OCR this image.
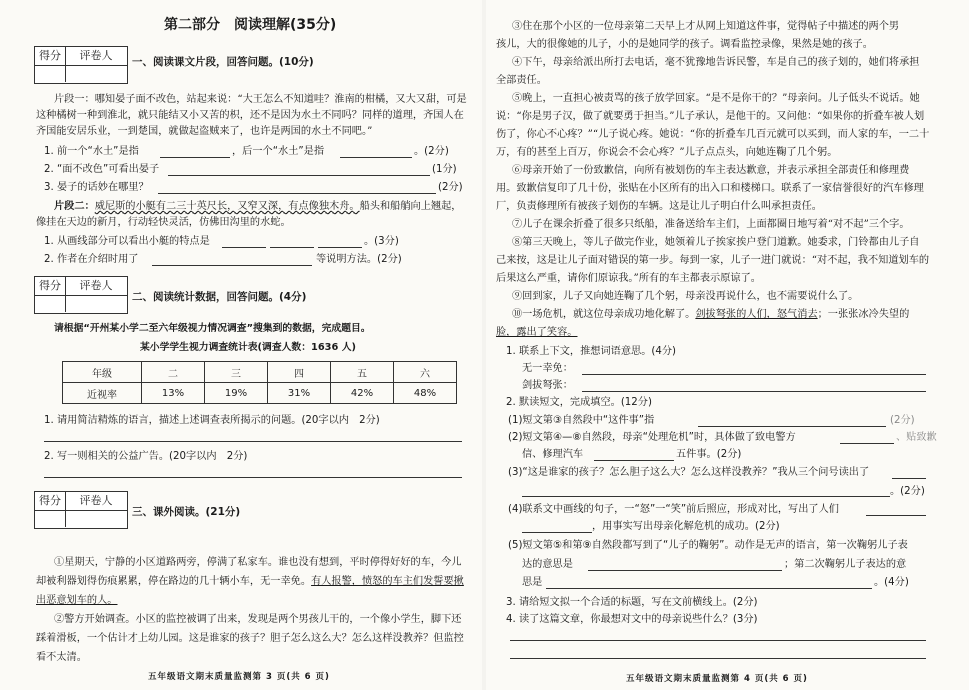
第二部分　阅读理解(35分)
得分	评卷人	一、阅读课文片段，回答问题。(10分)
片段一：哪知晏子面不改色，站起来说：“大王怎么不知道哇？淮南的柑橘，又大又甜，可是
这种橘树一种到淮北，就只能结又小又苦的枳，还不是因为水土不同吗？同样的道理，齐国人在
齐国能安居乐业，一到楚国，就做起盗贼来了，也许是两国的水土不同吧。”
1. 前一个“水土”是指	，后一个“水土”是指	。(2分)
2. “面不改色”可看出晏子	(1分)
3. 晏子的话妙在哪里？	(2分)
片段二：威尼斯的小艇有二三十英尺长，又窄又深，有点像独木舟。船头和船艄向上翘起，
像挂在天边的新月，行动轻快灵活，仿佛田沟里的水蛇。
1. 从画线部分可以看出小艇的特点是	。(3分)
2. 作者在介绍时用了	等说明方法。(2分)
得分	评卷人
二、阅读统计数据，回答问题。(4分)
请根据“开州某小学二至六年级视力情况调查”搜集到的数据，完成题目。
某小学学生视力调查统计表(调查人数：1636 人)
年级	二	三	四	五	六
近视率	13%	19%	31%	42%	48%
1. 请用简洁精炼的语言，描述上述调查表所揭示的问题。(20字以内　2分)
2. 写一则相关的公益广告。(20字以内　2分)
得分	评卷人
三、课外阅读。(21分)
①星期天，宁静的小区道路两旁，停满了私家车。谁也没有想到，平时停得好好的车，今儿
却被利器划得伤痕累累，停在路边的几十辆小车，无一幸免。有人报警，愤怒的车主们发誓要揪
出恶意划车的人。
②警方开始调查。小区的监控被调了出来，发现是两个男孩儿干的，一个像小学生，脚下还
踩着滑板，一个估计才上幼儿园。这是谁家的孩子？胆子怎么这么大？怎么这样没教养？但监控
看不太清。
五年级语文期末质量监测第 3 页(共 6 页)
③住在那个小区的一位母亲第二天早上才从网上知道这件事，觉得帖子中描述的两个男
孩儿，大的很像她的儿子，小的是她同学的孩子。调看监控录像，果然是她的孩子。
④下午，母亲给派出所打去电话，毫不犹豫地告诉民警，车是自己的孩子划的，她们将承担
全部责任。
⑤晚上，一直担心被责骂的孩子放学回家。“是不是你干的？”母亲问。儿子低头不说话。她
说：“你是男子汉，做了就要勇于担当。”儿子承认，是他干的。又问他：“如果你的折叠车被人划
伤了，你心不心疼？”“儿子说心疼。她说：“你的折叠车几百元就可以买到，而人家的车，一二十
万，有的甚至上百万，你说会不会心疼？”儿子点点头，向她连鞠了几个躬。
⑥母亲开始了一份致歉信，向所有被划伤的车主表达歉意，并表示承担全部责任和修理费
用。致歉信复印了几十份，张贴在小区所有的出入口和楼梯口。联系了一家信誉很好的汽车修理
厂，负责修理所有被孩子划伤的车辆。这是让儿子明白什么叫承担责任。
⑦儿子在课余折叠了很多只纸船，准备送给车主们，上面都圈日地写着“对不起”三个字。
⑧第三天晚上，等儿子做完作业，她领着儿子挨家挨户登门道歉。她委求，门铃都由儿子自
己来按，这是让儿子面对错误的第一步。每到一家，儿子一进门就说：“对不起，我不知道划车的
后果这么严重，请你们原谅我。”所有的车主都表示原谅了。
⑨回到家，儿子又向她连鞠了几个躬，母亲没再说什么，也不需要说什么了。
⑩一场危机，就这位母亲成功地化解了。剑拔弩张的人们，怒气消去；一张张冰冷失望的
脸，露出了笑容。
1. 联系上下文，推想词语意思。(4分)
无一幸免：
剑拔弩张：
2. 默读短文，完成填空。(12分)
(1)短文第③自然段中“这件事”指	(2分)
(2)短文第④—⑧自然段，母亲“处理危机”时，具体做了致电警方	、贴致歉
信、修理汽车	五件事。(2分)
(3)“这是谁家的孩子？怎么胆子这么大？怎么这样没教养？”我从三个问号读出了
。(2分)
(4)联系文中画线的句子，一“怒”一“笑”前后照应，形成对比，写出了人们
，用事实写出母亲化解危机的成功。(2分)
(5)短文第⑤和第⑨自然段都写到了“儿子的鞠躬”。动作是无声的语言，第一次鞠躬儿子表
达的意思是	；第二次鞠躬儿子表达的意
思是	。(4分)
3. 请给短文拟一个合适的标题，写在文前横线上。(2分)
4. 读了这篇文章，你最想对文中的母亲说些什么？(3分)
五年级语文期末质量监测第 4 页(共 6 页)
